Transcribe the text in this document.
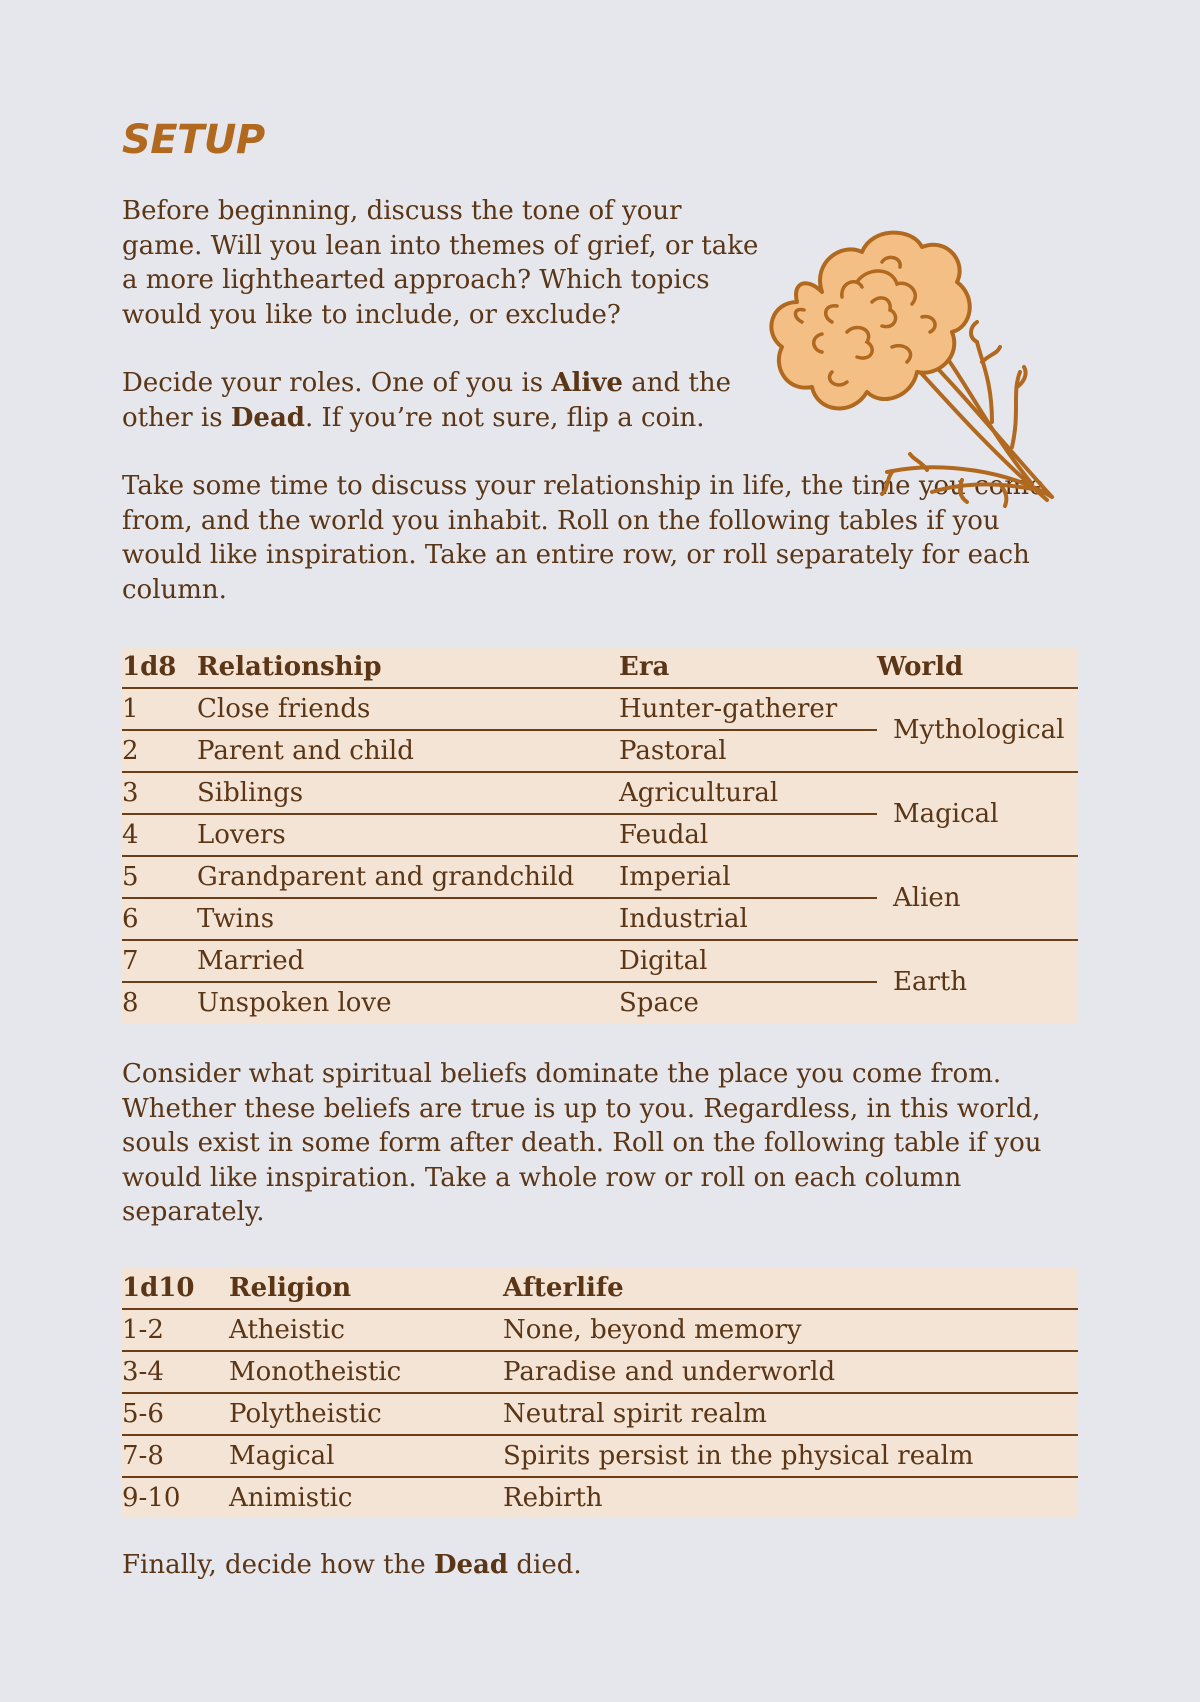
SETUP

Before beginning, discuss the tone of your game. Will you lean into themes of grief, or take a more lighthearted approach? Which topics would you like to include, or exclude?

Decide your roles. One of you is Alive and the other is Dead. If you’re not sure, flip a coin.

Take some time to discuss your relationship in life, the time you come from, and the world you inhabit. Roll on the following tables if you would like inspiration. Take an entire row, or roll separately for each column.

1d8	Relationship	Era	World
1	Close friends	Hunter-gatherer	Mythological
2	Parent and child	Pastoral	
3	Siblings	Agricultural	Magical
4	Lovers	Feudal	
5	Grandparent and grandchild	Imperial	Alien
6	Twins	Industrial	
7	Married	Digital	Earth
8	Unspoken love	Space	

Consider what spiritual beliefs dominate the place you come from. Whether these beliefs are true is up to you. Regardless, in this world, souls exist in some form after death. Roll on the following table if you would like inspiration. Take a whole row or roll on each column separately.

1d10	Religion	Afterlife
1-2	Atheistic	None, beyond memory
3-4	Monotheistic	Paradise and underworld
5-6	Polytheistic	Neutral spirit realm
7-8	Magical	Spirits persist in the physical realm
9-10	Animistic	Rebirth

Finally, decide how the Dead died.
